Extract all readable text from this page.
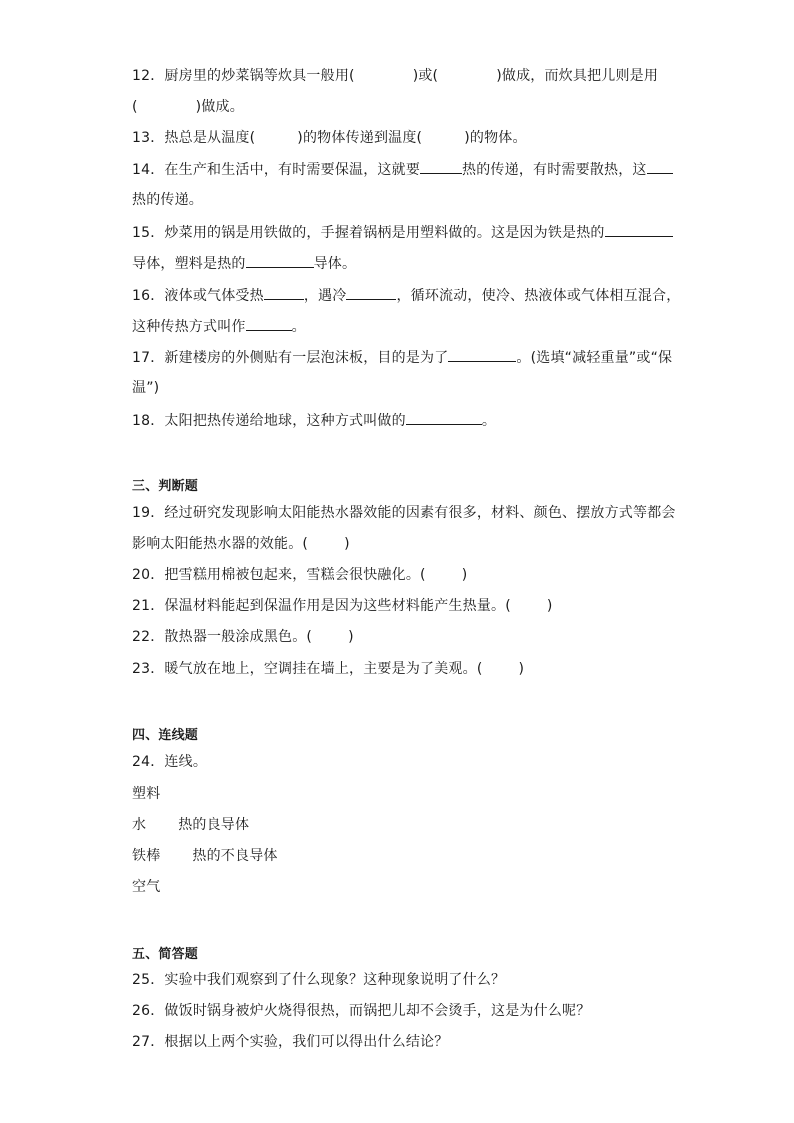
12．厨房里的炒菜锅等炊具一般用(	)或(	)做成，而炊具把儿则是用
(	)做成。
13．热总是从温度(	)的物体传递到温度(	)的物体。
14．在生产和生活中，有时需要保温，这就要	热的传递，有时需要散热，这
热的传递。
15．炒菜用的锅是用铁做的，手握着锅柄是用塑料做的。这是因为铁是热的
导体，塑料是热的	导体。
16．液体或气体受热	，遇冷	，循环流动，使冷、热液体或气体相互混合，
这种传热方式叫作	。
17．新建楼房的外侧贴有一层泡沫板，目的是为了	。(选填“减轻重量”或“保
温”)
18．太阳把热传递给地球，这种方式叫做的	。
三、判断题
19．经过研究发现影响太阳能热水器效能的因素有很多，材料、颜色、摆放方式等都会
影响太阳能热水器的效能。(	)
20．把雪糕用棉被包起来，雪糕会很快融化。(	)
21．保温材料能起到保温作用是因为这些材料能产生热量。(	)
22．散热器一般涂成黑色。(	)
23．暖气放在地上，空调挂在墙上，主要是为了美观。(	)
四、连线题
24．连线。
塑料
水 热的良导体
铁棒 热的不良导体
空气
五、简答题
25．实验中我们观察到了什么现象？这种现象说明了什么？
26．做饭时锅身被炉火烧得很热，而锅把儿却不会烫手，这是为什么呢？
27．根据以上两个实验，我们可以得出什么结论？
